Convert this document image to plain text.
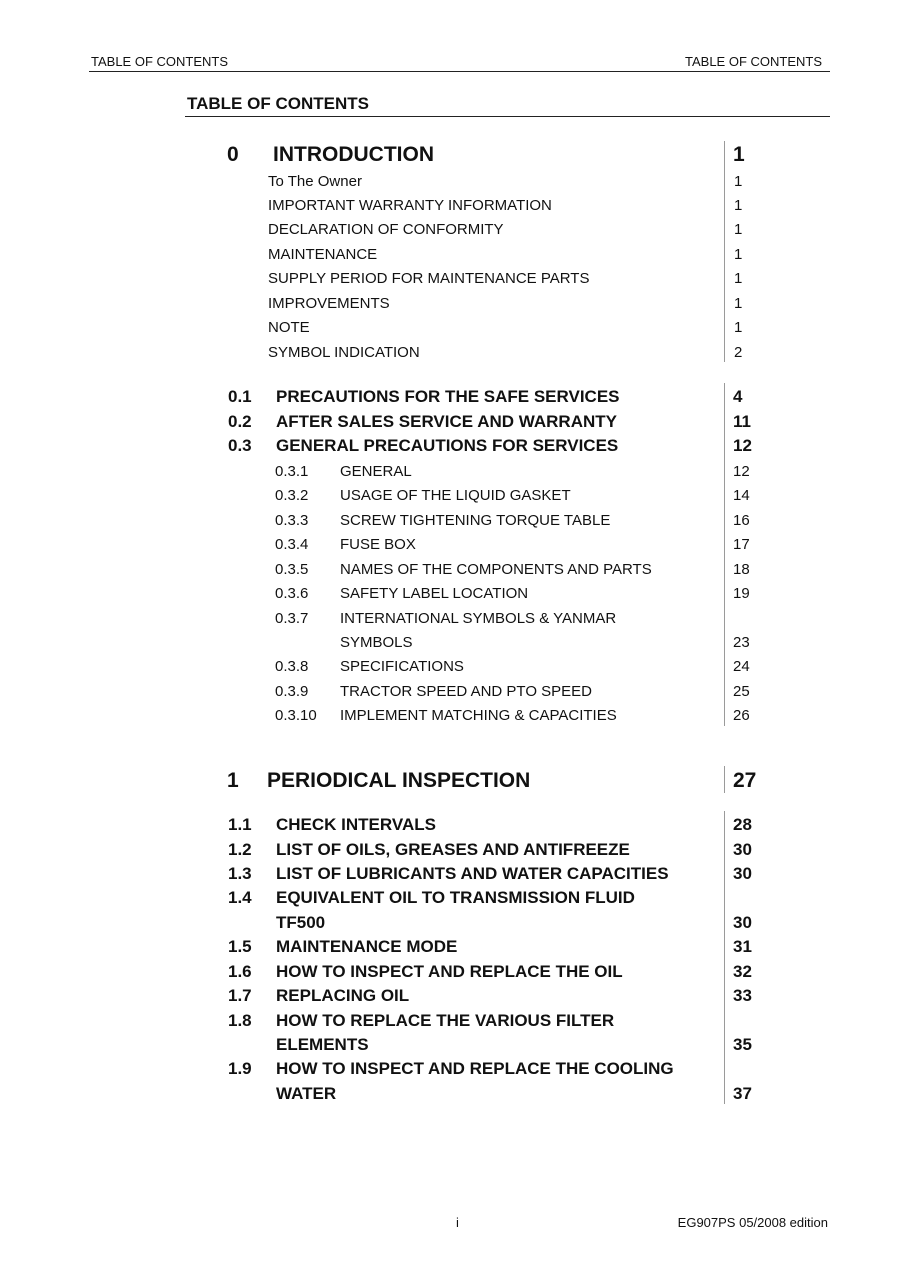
TABLE OF CONTENTS	TABLE OF CONTENTS
TABLE OF CONTENTS
0 INTRODUCTION	1
To The Owner	1
IMPORTANT WARRANTY INFORMATION	1
DECLARATION OF CONFORMITY	1
MAINTENANCE	1
SUPPLY PERIOD FOR MAINTENANCE PARTS	1
IMPROVEMENTS	1
NOTE	1
SYMBOL INDICATION	2
0.1 PRECAUTIONS FOR THE SAFE SERVICES	4
0.2 AFTER SALES SERVICE AND WARRANTY	11
0.3 GENERAL PRECAUTIONS FOR SERVICES	12
0.3.1 GENERAL	12
0.3.2 USAGE OF THE LIQUID GASKET	14
0.3.3 SCREW TIGHTENING TORQUE TABLE	16
0.3.4 FUSE BOX	17
0.3.5 NAMES OF THE COMPONENTS AND PARTS	18
0.3.6 SAFETY LABEL LOCATION	19
0.3.7 INTERNATIONAL SYMBOLS & YANMAR
SYMBOLS	23
0.3.8 SPECIFICATIONS	24
0.3.9 TRACTOR SPEED AND PTO SPEED	25
0.3.10 IMPLEMENT MATCHING & CAPACITIES	26
1 PERIODICAL INSPECTION	27
1.1 CHECK INTERVALS	28
1.2 LIST OF OILS, GREASES AND ANTIFREEZE	30
1.3 LIST OF LUBRICANTS AND WATER CAPACITIES	30
1.4 EQUIVALENT OIL TO TRANSMISSION FLUID
TF500	30
1.5 MAINTENANCE MODE	31
1.6 HOW TO INSPECT AND REPLACE THE OIL	32
1.7 REPLACING OIL	33
1.8 HOW TO REPLACE THE VARIOUS FILTER
ELEMENTS	35
1.9 HOW TO INSPECT AND REPLACE THE COOLING
WATER	37
i	EG907PS 05/2008 edition
